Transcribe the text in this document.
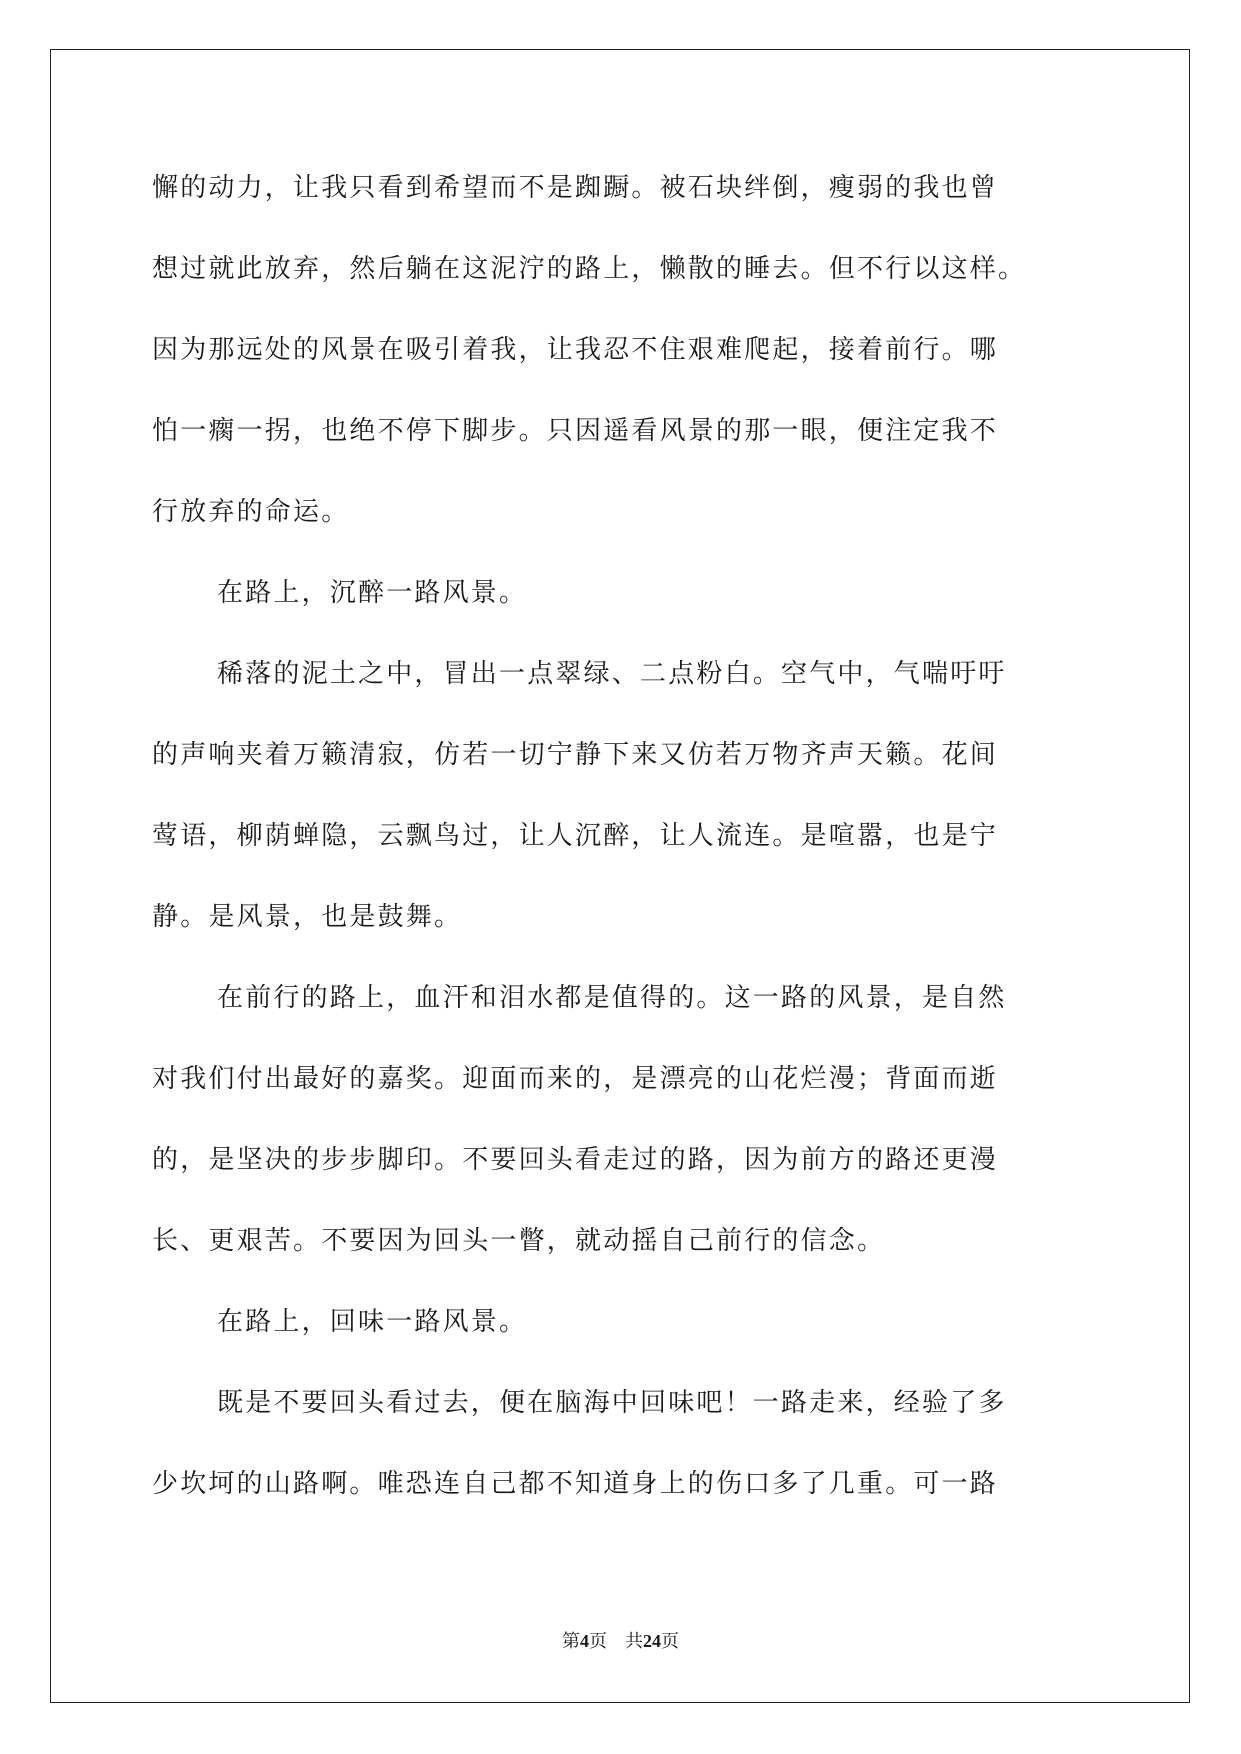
懈的动力，让我只看到希望而不是踟蹰。被石块绊倒，瘦弱的我也曾
想过就此放弃，然后躺在这泥泞的路上，懒散的睡去。但不行以这样。
因为那远处的风景在吸引着我，让我忍不住艰难爬起，接着前行。哪
怕一瘸一拐，也绝不停下脚步。只因遥看风景的那一眼，便注定我不
行放弃的命运。
在路上，沉醉一路风景。
稀落的泥土之中，冒出一点翠绿、二点粉白。空气中，气喘吁吁
的声响夹着万籁清寂，仿若一切宁静下来又仿若万物齐声天籁。花间
莺语，柳荫蝉隐，云飘鸟过，让人沉醉，让人流连。是喧嚣，也是宁
静。是风景，也是鼓舞。
在前行的路上，血汗和泪水都是值得的。这一路的风景，是自然
对我们付出最好的嘉奖。迎面而来的，是漂亮的山花烂漫；背面而逝
的，是坚决的步步脚印。不要回头看走过的路，因为前方的路还更漫
长、更艰苦。不要因为回头一瞥，就动摇自己前行的信念。
在路上，回味一路风景。
既是不要回头看过去，便在脑海中回味吧！一路走来，经验了多
少坎坷的山路啊。唯恐连自己都不知道身上的伤口多了几重。可一路
第4页 共24页
